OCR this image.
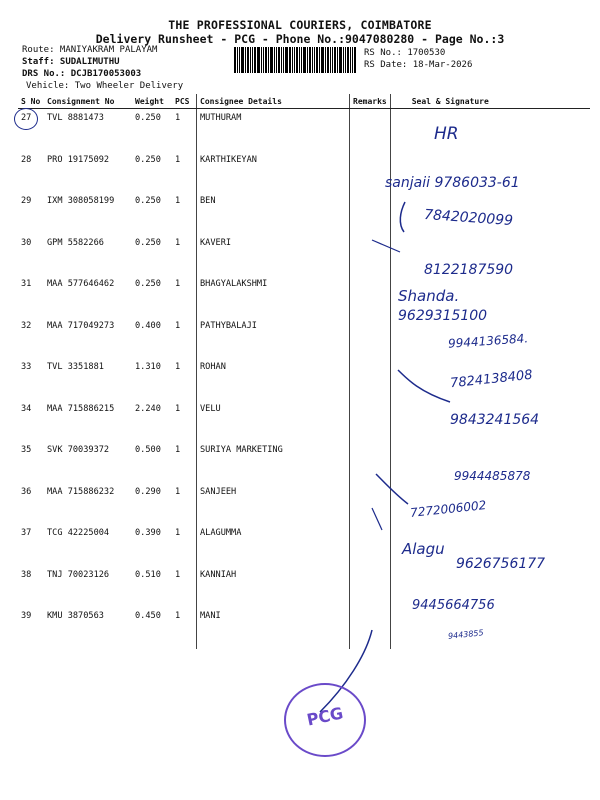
THE PROFESSIONAL COURIERS, COIMBATORE
Delivery Runsheet - PCG - Phone No.:9047080280 - Page No.:3
Route: MANIYAKRAM PALAYAM
Staff: SUDALIMUTHU
DRS No.: DCJB170053003
Vehicle: Two Wheeler Delivery
RS No.: 1700530
RS Date: 18-Mar-2026
S No	Consignment No	Weight	PCS	Consignee Details	Remarks	Seal & Signature
27	TVL 8881473	0.250	1	MUTHURAM		
28	PRO 19175092	0.250	1	KARTHIKEYAN		
29	IXM 308058199	0.250	1	BEN		
30	GPM 5582266	0.250	1	KAVERI		
31	MAA 577646462	0.250	1	BHAGYALAKSHMI		
32	MAA 717049273	0.400	1	PATHYBALAJI		
33	TVL 3351881	1.310	1	ROHAN		
34	MAA 715886215	2.240	1	VELU		
35	SVK 70039372	0.500	1	SURIYA MARKETING		
36	MAA 715886232	0.290	1	SANJEEH		
37	TCG 42225004	0.390	1	ALAGUMMA		
38	TNJ 70023126	0.510	1	KANNIAH		
39	KMU 3870563	0.450	1	MANI		
HR
sanjaii 9786033-61
7842020099
8122187590
Shanda.
9629315100
9944136584.
7824138408
9843241564
9944485878
7272006002
Alagu
9626756177
9445664756
9443855
PCG
